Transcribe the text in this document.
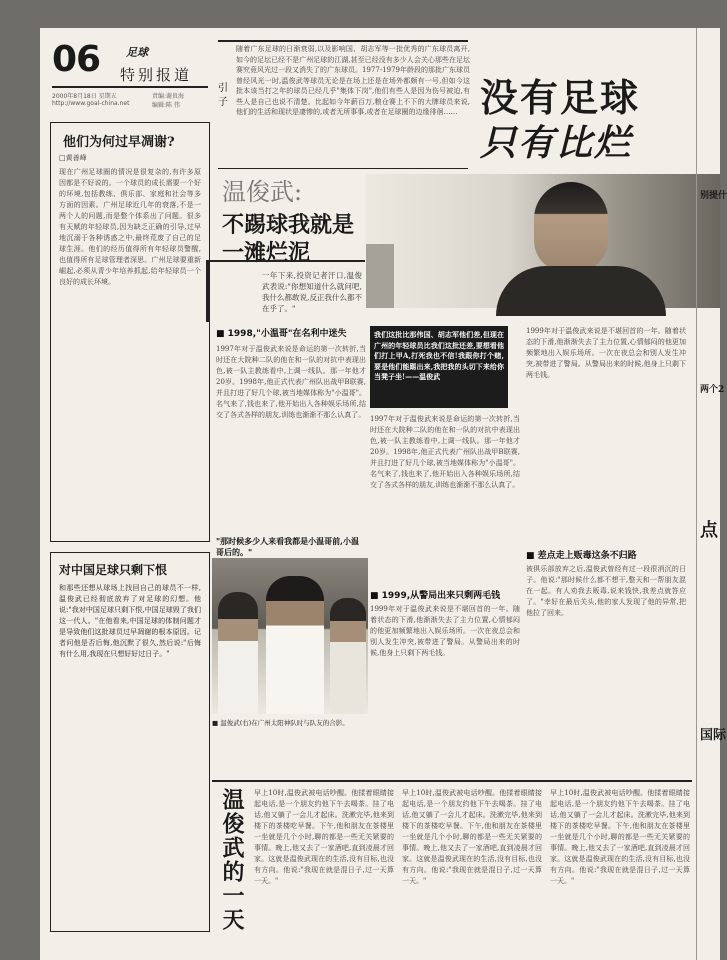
06 足球
特别报道
2000年8月18日 星期五
http://www.goal-china.net
责编:谢贵海
编辑:陈 伟
他们为何过早凋谢?
□黄善峰
现在广州足球圈的情况是很复杂的,有许多原因都是不好说的。一个球员的成长需要一个好的环境,包括教练、俱乐部、家庭和社会等多方面的因素。广州足球近几年的衰落,不是一两个人的问题,而是整个体系出了问题。很多有天赋的年轻球员,因为缺乏正确的引导,过早地沉溺于各种诱惑之中,最终荒废了自己的足球生涯。他们的经历值得所有年轻球员警醒,也值得所有足球管理者深思。广州足球要重新崛起,必须从青少年培养抓起,给年轻球员一个良好的成长环境。
对中国足球只剩下恨
和那些还想从球场上找回自己的球员不一样,温俊武已经彻底放弃了对足球的幻想。他说:"我对中国足球只剩下恨,中国足球毁了我们这一代人。"在他看来,中国足球的体制问题才是导致他们这批球员过早凋谢的根本原因。记者问他是否后悔,他沉默了很久,然后说:"后悔有什么用,我现在只想好好过日子。"
引子
随着广东足球的日渐衰弱,以及影响国、胡志军等一批优秀的广东球员离开,如今的足坛已经不是广州足球的江湖,甚至已经没有多少人会关心那些在足坛赛究竟风光过一段又消失了的广东球员。1977-1979年龄段的那批广东球员曾经风光一时,温俊武等球员无论是在场上还是在场外都颇有一号,但如今这批本该当打之年的球员已经几乎"集体下岗",他们有些人是因为伤号被迫,有些人是自己也说不清楚。比起如今年薪百万,粮仓赛上不下的大牌球员来说,他们的生活和现状是凄惨的,或者无所事事,或者在足球圈的边缘徘徊…… 没有足球
只有比烂
温俊武:
不踢球我就是
一滩烂泥
一年下来,投资记者汗口,温俊武表说:"你想知道什么就问吧,我什么都敢说,反正我什么都不在乎了。"
我们这批比那伟国、胡志军他们差,但现在广州的年轻球员比我们这批还差,要想看他们打上甲A,打死我也不信!我跟你打个赌,要是他们能踢出来,我把我的头切下来给你当凳子坐!——温俊武
■ 1998,"小温哥"在名利中迷失
1997年对于温俊武来说是命运的第一次转折,当时还在大院种二队的他在和一队的对抗中表现出色,被一队主教练看中,上调一线队。那一年他才20岁。1998年,他正式代表广州队出战甲B联赛,并且打进了好几个球,被当地媒体称为"小温哥"。名气来了,钱也来了,他开始出入各种娱乐场所,结交了各式各样的朋友,训练也渐渐不那么认真了。
"那时候多少人来看我都是小温哥前,小温哥后的。"
■ 温俊武(右)在广州太阳神队时与队友的合影。
■ 1999,从警局出来只剩两毛钱
1999年对于温俊武来说是不堪回首的一年。随着状态的下滑,他渐渐失去了主力位置,心情郁闷的他更加频繁地出入娱乐场所。一次在夜总会和别人发生冲突,被带进了警局。从警局出来的时候,他身上只剩下两毛钱。
1997年对于温俊武来说是命运的第一次转折,当时还在大院种二队的他在和一队的对抗中表现出色,被一队主教练看中,上调一线队。那一年他才20岁。1998年,他正式代表广州队出战甲B联赛,并且打进了好几个球,被当地媒体称为"小温哥"。名气来了,钱也来了,他开始出入各种娱乐场所,结交了各式各样的朋友,训练也渐渐不那么认真了。
■ 差点走上贩毒这条不归路
被俱乐部放弃之后,温俊武曾经有过一段很消沉的日子。他说:"那时候什么都不想干,整天和一帮朋友混在一起。有人劝我去贩毒,说来钱快,我差点就答应了。"幸好在最后关头,他的家人发现了他的异常,把他拉了回来。
1999年对于温俊武来说是不堪回首的一年。随着状态的下滑,他渐渐失去了主力位置,心情郁闷的他更加频繁地出入娱乐场所。一次在夜总会和别人发生冲突,被带进了警局。从警局出来的时候,他身上只剩下两毛钱。
温俊武的一天 早上10时,温俊武被电话吵醒。他揉着眼睛接起电话,是一个朋友约他下午去喝茶。挂了电话,他又躺了一会儿才起床。洗漱完毕,他来到楼下的茶楼吃早餐。下午,他和朋友在茶楼里一坐就是几个小时,聊的都是一些无关紧要的事情。晚上,他又去了一家酒吧,直到凌晨才回家。这就是温俊武现在的生活,没有目标,也没有方向。他说:"我现在就是混日子,过一天算一天。"
早上10时,温俊武被电话吵醒。他揉着眼睛接起电话,是一个朋友约他下午去喝茶。挂了电话,他又躺了一会儿才起床。洗漱完毕,他来到楼下的茶楼吃早餐。下午,他和朋友在茶楼里一坐就是几个小时,聊的都是一些无关紧要的事情。晚上,他又去了一家酒吧,直到凌晨才回家。这就是温俊武现在的生活,没有目标,也没有方向。他说:"我现在就是混日子,过一天算一天。"
早上10时,温俊武被电话吵醒。他揉着眼睛接起电话,是一个朋友约他下午去喝茶。挂了电话,他又躺了一会儿才起床。洗漱完毕,他来到楼下的茶楼吃早餐。下午,他和朋友在茶楼里一坐就是几个小时,聊的都是一些无关紧要的事情。晚上,他又去了一家酒吧,直到凌晨才回家。这就是温俊武现在的生活,没有目标,也没有方向。他说:"我现在就是混日子,过一天算一天。"
别提什
两个2
点
国际
